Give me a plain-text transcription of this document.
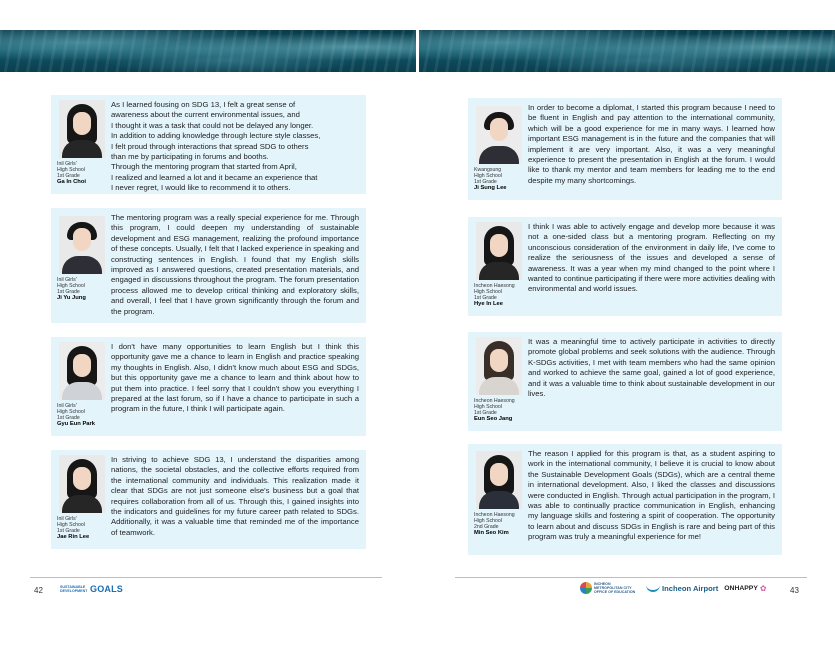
Inil Girls'
High School
1st Grade
Ga In Choi
As I learned fousing on SDG 13, I felt a great sense of
awareness about the current environmental issues, and
I thought it was a task that could not be delayed any longer.
In addition to adding knowledge through lecture style classes,
I felt proud through interactions that spread SDG to others
than me by participating in forums and booths.
Through the mentoring program that started from April,
I realized and learned a lot and it became an experience that
I never regret, I would like to recommend it to others.
Inil Girls'
High School
1st Grade
Ji Yu Jung
The mentoring program was a really special experience for me. Through this program, I could deepen my understanding of sustainable development and ESG management, realizing the profound importance of these concepts. Usually, I felt that I lacked experience in speaking and constructing sentences in English. I found that my English skills improved as I answered questions, created presentation materials, and engaged in discussions throughout the program. The forum presentation process allowed me to develop critical thinking and exploratory skills, and overall, I feel that I have grown significantly through the forum and the program.
Inil Girls'
High School
1st Grade
Gyu Eun Park
I don't have many opportunities to learn English but I think this opportunity gave me a chance to learn in English and practice speaking my thoughts in English. Also, I didn't know much about ESG and SDGs, but this opportunity gave me a chance to learn and think about how to put them into practice. I feel sorry that I couldn't show you everything I prepared at the last forum, so if I have a chance to participate in such a program in the future, I think I will participate again.
Inil Girls'
High School
1st Grade
Jae Rin Lee
In striving to achieve SDG 13, I understand the disparities among nations, the societal obstacles, and the collective efforts required from the international community and individuals. This realization made it clear that SDGs are not just someone else's business but a goal that requires collaboration from all of us. Through this, I gained insights into the indicators and guidelines for my future career path related to SDGs. Additionally, it was a valuable time that reminded me of the importance of teamwork.
Kwangsung
High School
1st Grade
Ji Sung Lee
In order to become a diplomat, I started this program because I need to be fluent in English and pay attention to the international community, which will be a good experience for me in many ways. I learned how important ESG management is in the future and the companies that will implement it are very important. Also, it was a very meaningful experience to present the presentation in English at the forum. I would like to thank my mentor and team members for leading me to the end despite my many shortcomings.
Incheon Haesong
High School
1st Grade
Hye In Lee
I think I was able to actively engage and develop more because it was not a one-sided class but a mentoring program. Reflecting on my unconscious consideration of the environment in daily life, I've come to realize the seriousness of the issues and developed a sense of awareness. It was a year when my mind changed to the point where I wanted to continue participating if there were more activities dealing with environmental and world issues.
Incheon Haesong
High School
1st Grade
Eun Seo Jang
It was a meaningful time to actively participate in activities to directly promote global problems and seek solutions with the audience. Through K-SDGs activities, I met with team members who had the same opinion and worked to achieve the same goal, gained a lot of good experience, and it was a valuable time to think about sustainable development in our lives.
Incheon Haesong
High School
2nd Grade
Min Seo Kim
The reason I applied for this program is that, as a student aspiring to work in the international community, I believe it is crucial to know about the Sustainable Development Goals (SDGs), which are a central theme in international development. Also, I liked the classes and discussions were conducted in English. Through actual participation in the program, I was able to continually practice communication in English, enhancing my language skills and fostering a spirit of cooperation. The opportunity to learn about and discuss SDGs in English is rare and being part of this program was truly a meaningful experience for me!
42	SUSTAINABLE DEVELOPMENT GOALS	INCHEON METROPOLITAN CITY OFFICE OF EDUCATION	Incheon Airport ONHAPPY ✿	43
